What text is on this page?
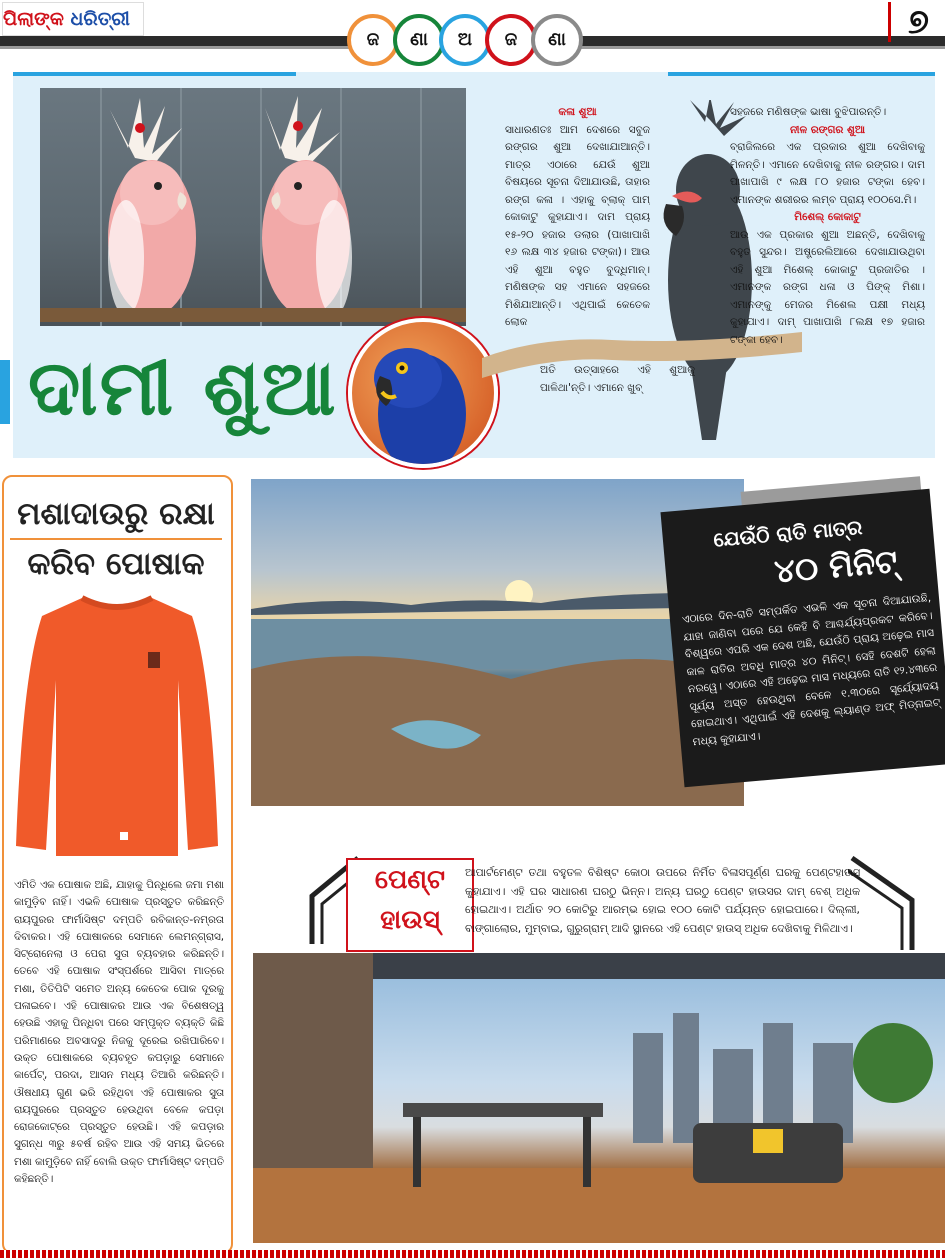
ପିଲାଙ୍କ ଧରିତ୍ରୀ
ଜ	ଣା	ଅ	ଜ	ଣା	୭
ଦାମୀ ଶୁଆ
କଳା ଶୁଆ
ସାଧାରଣତଃ ଆମ ଦେଶରେ ସବୁଜ ରଙ୍ଗର ଶୁଆ ଦେଖାଯାଆନ୍ତି। ମାତ୍ର ଏଠାରେ ଯେଉଁ ଶୁଆ ବିଷୟରେ ସୂଚନା ଦିଆଯାଉଛି, ତାହାର ରଙ୍ଗ କଳା । ଏହାକୁ ବ୍ଲାକ୍ ପାମ୍ କୋକାଟୁ କୁହାଯାଏ। ଦାମ ପ୍ରାୟ ୧୫-୨୦ ହଜାର ଡଲାର (ପାଖାପାଖି ୧୬ ଲକ୍ଷ ୩୪ ହଜାର ଟଙ୍କା)। ଆଉ ଏହି ଶୁଆ ବହୁତ ବୁଦ୍ଧିମାନ୍। ମଣିଷଙ୍କ ସହ ଏମାନେ ସହଜରେ ମିଶିଯାଆନ୍ତି। ଏଥିପାଇଁ କେତେକ ଲୋକ
ଅତି ଉତ୍ସାହରେ ଏହି ଶୁଆକୁ ପାଳିଥା'ନ୍ତି। ଏମାନେ ଖୁବ୍
ସହଜରେ ମଣିଷଙ୍କ ଭାଷା ବୁଝିପାରନ୍ତି।
ନୀଳ ରଙ୍ଗର ଶୁଆ
ବ୍ରାଜିଲରେ ଏକ ପ୍ରକାର ଶୁଆ ଦେଖିବାକୁ ମିଳନ୍ତି। ଏମାନେ ଦେଖିବାକୁ ନୀଳ ରଙ୍ଗର। ଦାମ ପାଖାପାଖି ୯ ଲକ୍ଷ ୮୦ ହଜାର ଟଙ୍କା ହେବ। ଏମାନଙ୍କ ଶରୀରର ଲମ୍ବ ପ୍ରାୟ ୧୦୦ସେ.ମି।
ମିଶେଲ୍ କୋକାଟୁ
ଆଉ ଏକ ପ୍ରକାର ଶୁଆ ଅଛନ୍ତି, ଦେଖିବାକୁ ବହୁତ ସୁନ୍ଦର। ଅଷ୍ଟ୍ରେଲିଆରେ ଦେଖାଯାଉଥିବା ଏହି ଶୁଆ ମିଶେଲ୍ କୋକାଟୁ ପ୍ରଜାତିର । ଏମାନଙ୍କ ରଙ୍ଗ ଧଳା ଓ ପିଙ୍କ୍ ମିଶା। ଏମାନଙ୍କୁ ମେଜର ମିଶେଲ ପକ୍ଷୀ ମଧ୍ୟ କୁହାଯାଏ। ଦାମ୍ ପାଖାପାଖି ୮ଲକ୍ଷ ୧୭ ହଜାର ଟଙ୍କା ହେବ।
ମଶାଦାଉରୁ ରକ୍ଷା
କରିବ ପୋଷାକ
ଏମିତି ଏକ ପୋଷାକ ଅଛି, ଯାହାକୁ ପିନ୍ଧିଲେ ଜମା ମଶା କାମୁଡ଼ିବ ନାହିଁ। ଏଭଳି ପୋଷାକ ପ୍ରସ୍ତୁତ କରିଛନ୍ତି ରାୟପୁରର ଫାର୍ମାସିଷ୍ଟ ଦମ୍ପତି ରବିକାନ୍ତ-ନମ୍ରତା ଦିବାକର। ଏହି ପୋଷାକରେ ସେମାନେ ଲେମନ୍‌ଗ୍ରାସ, ସିଟ୍ରୋନେଲା ଓ ପେରା ସୁତା ବ୍ୟବହାର କରିଛନ୍ତି। ତେବେ ଏହି ପୋଷାକ ସଂସ୍ପର୍ଶରେ ଆସିବା ମାତ୍ରେ ମଶା, ତିତିପିଟି ସମେତ ଅନ୍ୟ କେତେକ ପୋକ ଦୂରକୁ ପଳାଇବେ। ଏହି ପୋଷାକର ଆଉ ଏକ ବିଶେଷତ୍ୱ ହେଉଛି ଏହାକୁ ପିନ୍ଧିବା ପରେ ସମ୍ପୃକ୍ତ ବ୍ୟକ୍ତି କିଛି ପରିମାଣରେ ଅବସାଦରୁ ନିଜକୁ ଦୂରେଇ ରଖିପାରିବେ। ଉକ୍ତ ପୋଷାକରେ ବ୍ୟବହୃତ କପଡ଼ାରୁ ସେମାନେ କାର୍ପେଟ୍, ପରଦା, ଆସନ ମଧ୍ୟ ତିଆରି କରିଛନ୍ତି। ଔଷଧୀୟ ଗୁଣ ଭରି ରହିଥିବା ଏହି ପୋଷାକର ସୁତା ରାୟପୁରରେ ପ୍ରସ୍ତୁତ ହେଉଥିବା ବେଳେ କପଡ଼ା ରୋଜକୋଟ୍‌ରେ ପ୍ରସ୍ତୁତ ହେଉଛି। ଏହି କପଡ଼ାର ସୁଗନ୍ଧ ୩ରୁ ୫ବର୍ଷ ରହିବ ଆଉ ଏହି ସମୟ ଭିତରେ ମଶା କାମୁଡ଼ିବେ ନାହିଁ ବୋଲି ଉକ୍ତ ଫାର୍ମାସିଷ୍ଟ ଦମ୍ପତି କହିଛନ୍ତି।
ଯେଉଁଠି ରାତି ମାତ୍ର
୪୦ ମିନିଟ୍
ଏଠାରେ ଦିନ-ରାତି ସମ୍ପର୍କିତ ଏଭଳି ଏକ ସୂଚନା ଦିଆଯାଉଛି, ଯାହା ଜାଣିବା ପରେ ଯେ କେହି ବି ଆଶ୍ଚର୍ଯ୍ୟପ୍ରକଟ କରିବେ। ବିଶ୍ୱରେ ଏପରି ଏକ ଦେଶ ଅଛି, ଯେଉଁଠି ପ୍ରାୟ ଅଢ଼େଇ ମାସ କାଳ ରାତିର ଅବଧି ମାତ୍ର ୪୦ ମିନିଟ୍। ସେହି ଦେଶଟି ହେଲା ନରୱେ। ଏଠାରେ ଏହି ଅଢ଼େଇ ମାସ ମଧ୍ୟରେ ରାତି ୧୨.୪୩ରେ ସୂର୍ଯ୍ୟ ଅସ୍ତ ହେଉଥିବା ବେଳେ ୧.୩୦ରେ ସୂର୍ଯ୍ୟୋଦୟ ହୋଇଥାଏ। ଏଥିପାଇଁ ଏହି ଦେଶକୁ ଲ୍ୟାଣ୍ଡ ଅଫ୍ ମିଡ୍‌ନାଇଟ୍ ମଧ୍ୟ କୁହାଯାଏ।
ପେଣ୍ଟ
ହାଉସ୍
ଆପାର୍ଟମେଣ୍ଟ ତଥା ବହୁତଳ ବିଶିଷ୍ଟ କୋଠା ଉପରେ ନିର୍ମିତ ବିଳାସପୂର୍ଣ୍ଣ ଘରକୁ ପେଣ୍ଟହାଉସ୍ କୁହାଯାଏ। ଏହି ଘର ସାଧାରଣ ଘରଠୁ ଭିନ୍ନ। ଅନ୍ୟ ଘରଠୁ ପେଣ୍ଟ ହାଉସର ଦାମ୍ ବେଶ୍ ଅଧିକ ହୋଇଥାଏ। ଅର୍ଥାତ ୨୦ କୋଟିରୁ ଆରମ୍ଭ ହୋଇ ୧୦୦ କୋଟି ପର୍ଯ୍ୟନ୍ତ ହୋଇପାରେ। ଦିଲ୍ଲୀ, ବାଙ୍ଗାଲୋର, ମୁମ୍ବାଇ, ଗୁରୁଗ୍ରାମ୍ ଆଦି ସ୍ଥାନରେ ଏହି ପେଣ୍ଟ ହାଉସ୍ ଅଧିକ ଦେଖିବାକୁ ମିଳିଥାଏ।
